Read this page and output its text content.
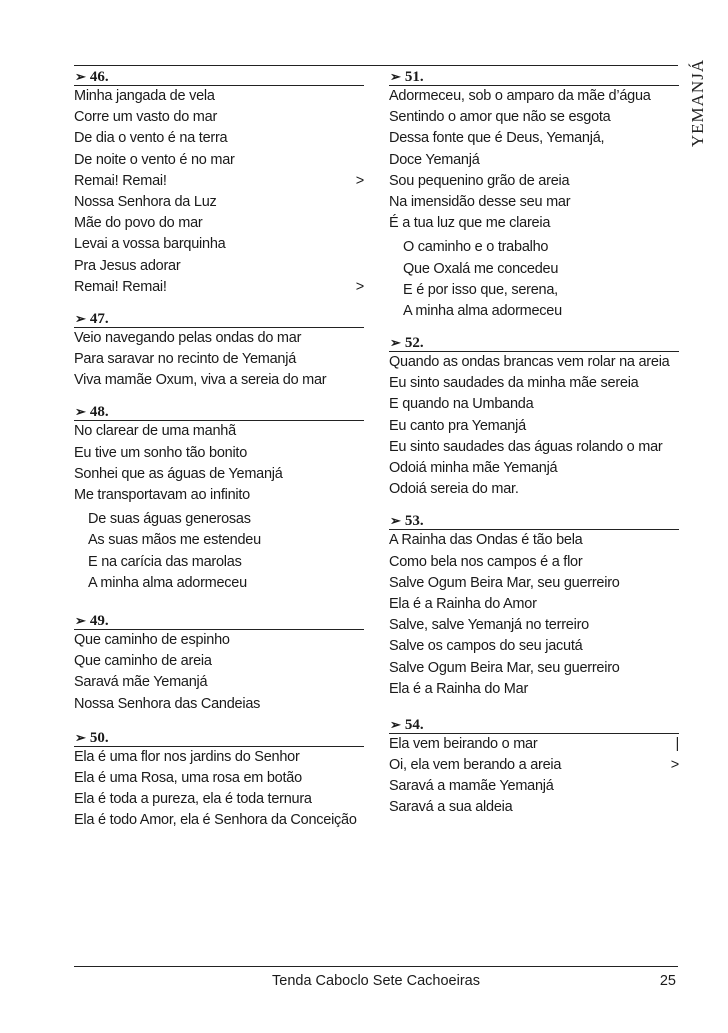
YEMANJÁ
➢ 46.
Minha jangada de vela
Corre um vasto do mar
De dia o vento é na terra
De noite o vento é no mar
Remai! Remai!	>
Nossa Senhora da Luz
Mãe do povo do mar
Levai a vossa barquinha
Pra Jesus adorar
Remai! Remai!	>
➢ 47.
Veio navegando pelas ondas do mar
Para saravar no recinto de Yemanjá
Viva mamãe Oxum, viva a sereia do mar
➢ 48.
No clarear de uma manhã
Eu tive um sonho tão bonito
Sonhei que as águas de Yemanjá
Me transportavam ao infinito
De suas águas generosas
As suas mãos me estendeu
E na carícia das marolas
A minha alma adormeceu
➢ 49.
Que caminho de espinho
Que caminho de areia
Saravá mãe Yemanjá
Nossa Senhora das Candeias
➢ 50.
Ela é uma flor nos jardins do Senhor
Ela é uma Rosa, uma rosa em botão
Ela é toda a pureza, ela é toda ternura
Ela é todo Amor, ela é Senhora da Conceição
➢ 51.
Adormeceu, sob o amparo da mãe d’água
Sentindo o amor que não se esgota
Dessa fonte que é Deus, Yemanjá,
Doce Yemanjá
Sou pequenino grão de areia
Na imensidão desse seu mar
É a tua luz que me clareia
O caminho e o trabalho
Que Oxalá me concedeu
E é por isso que, serena,
A minha alma adormeceu
➢ 52.
Quando as ondas brancas vem rolar na areia
Eu sinto saudades da minha mãe sereia
E quando na Umbanda
Eu canto pra Yemanjá
Eu sinto saudades das águas rolando o mar
Odoiá minha mãe Yemanjá
Odoiá sereia do mar.
➢ 53.
A Rainha das Ondas é tão bela
Como bela nos campos é a flor
Salve Ogum Beira Mar, seu guerreiro
Ela é a Rainha do Amor
Salve, salve Yemanjá no terreiro
Salve os campos do seu jacutá
Salve Ogum Beira Mar, seu guerreiro
Ela é a Rainha do Mar
➢ 54.
Ela vem beirando o mar	|
Oi, ela vem berando a areia	>
Saravá a mamãe Yemanjá
Saravá a sua aldeia
Tenda Caboclo Sete Cachoeiras	25
